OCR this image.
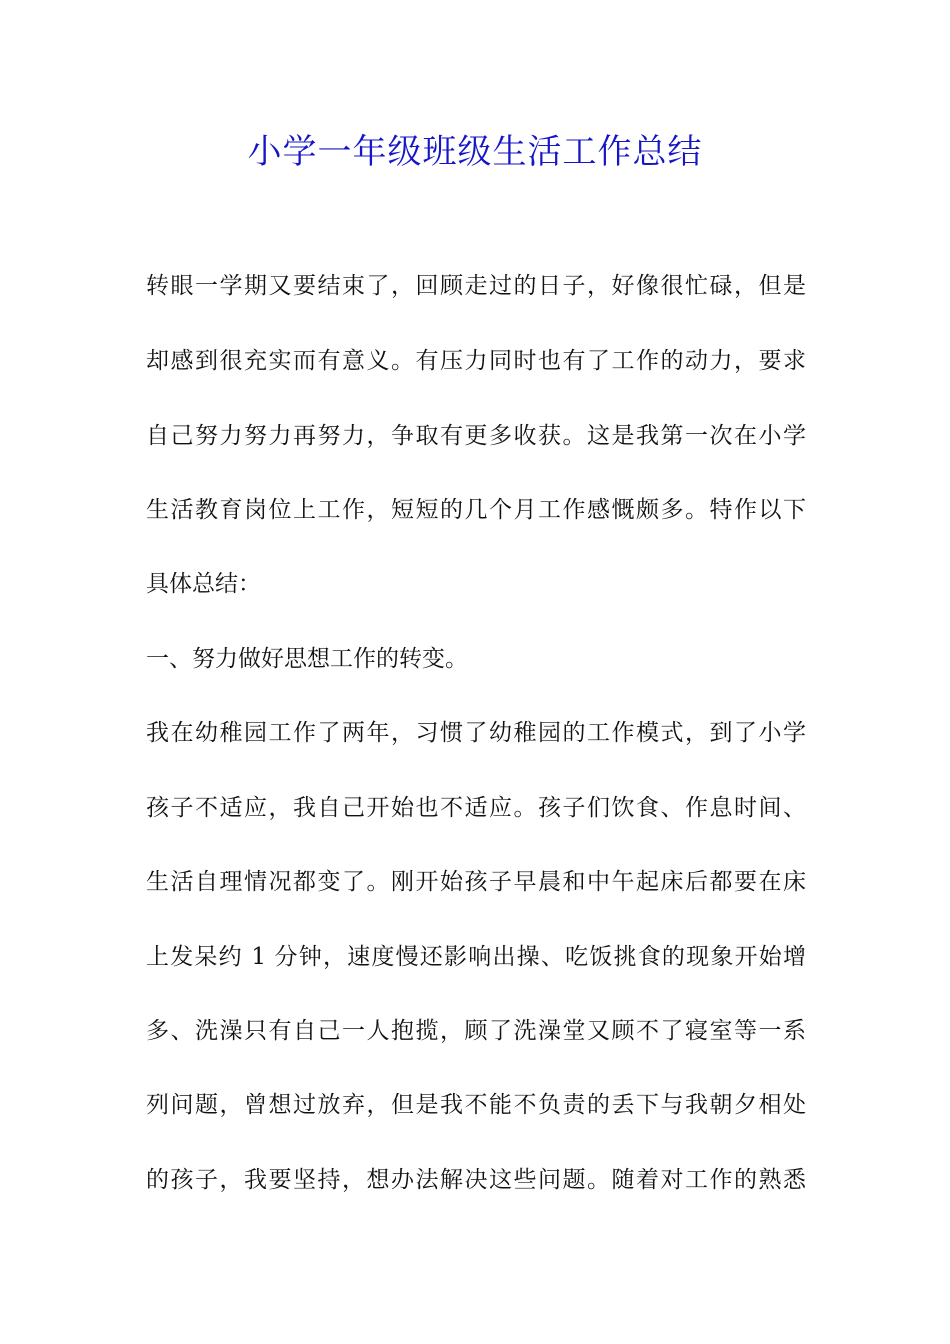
小学一年级班级生活工作总结
转眼一学期又要结束了，回顾走过的日子，好像很忙碌，但是
却感到很充实而有意义。有压力同时也有了工作的动力，要求
自己努力努力再努力，争取有更多收获。这是我第一次在小学
生活教育岗位上工作，短短的几个月工作感慨颇多。特作以下
具体总结：
一、努力做好思想工作的转变。
我在幼稚园工作了两年，习惯了幼稚园的工作模式，到了小学
孩子不适应，我自己开始也不适应。孩子们饮食、作息时间、
生活自理情况都变了。刚开始孩子早晨和中午起床后都要在床
上发呆约 1 分钟，速度慢还影响出操、吃饭挑食的现象开始增
多、洗澡只有自己一人抱揽，顾了洗澡堂又顾不了寝室等一系
列问题，曾想过放弃，但是我不能不负责的丢下与我朝夕相处
的孩子，我要坚持，想办法解决这些问题。随着对工作的熟悉
